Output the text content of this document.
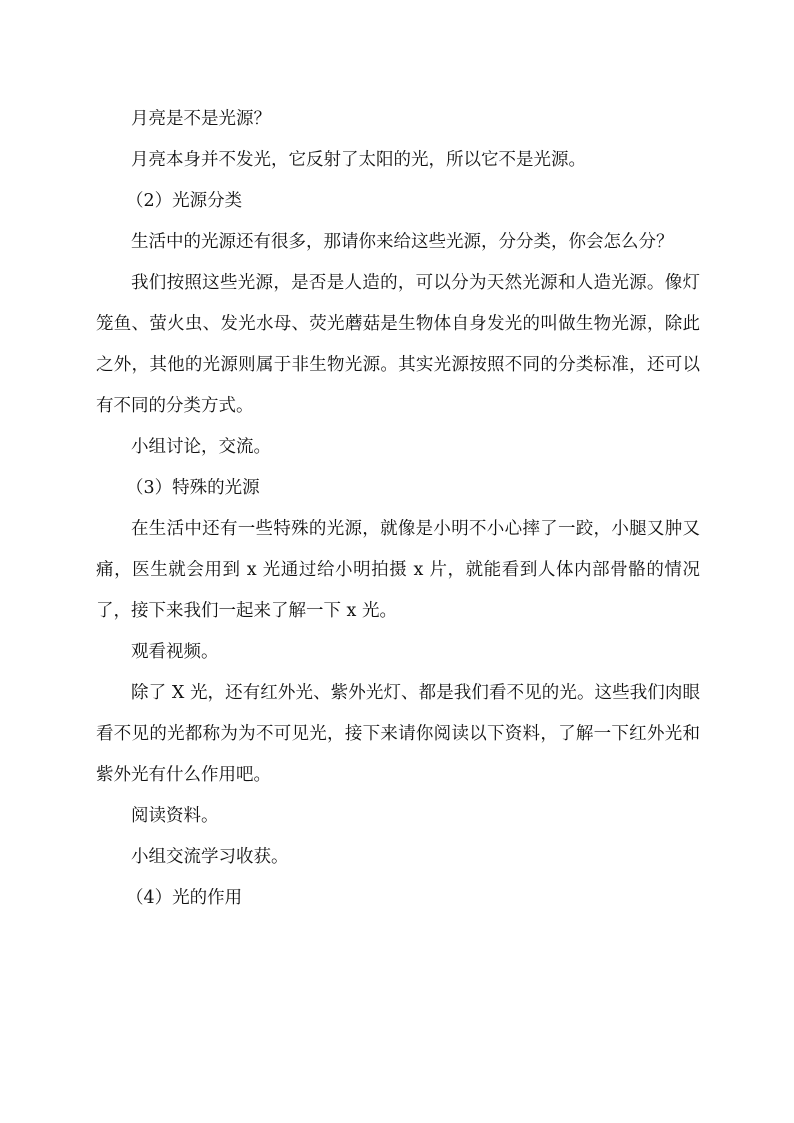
月亮是不是光源？

月亮本身并不发光，它反射了太阳的光，所以它不是光源。

（2）光源分类

生活中的光源还有很多，那请你来给这些光源，分分类，你会怎么分？

我们按照这些光源，是否是人造的，可以分为天然光源和人造光源。像灯笼鱼、萤火虫、发光水母、荧光蘑菇是生物体自身发光的叫做生物光源，除此之外，其他的光源则属于非生物光源。其实光源按照不同的分类标准，还可以有不同的分类方式。

小组讨论，交流。

（3）特殊的光源

在生活中还有一些特殊的光源，就像是小明不小心摔了一跤，小腿又肿又痛，医生就会用到 x 光通过给小明拍摄 x 片，就能看到人体内部骨骼的情况了，接下来我们一起来了解一下 x 光。

观看视频。

除了 X 光，还有红外光、紫外光灯、都是我们看不见的光。这些我们肉眼看不见的光都称为为不可见光，接下来请你阅读以下资料，了解一下红外光和紫外光有什么作用吧。

阅读资料。

小组交流学习收获。

（4）光的作用
